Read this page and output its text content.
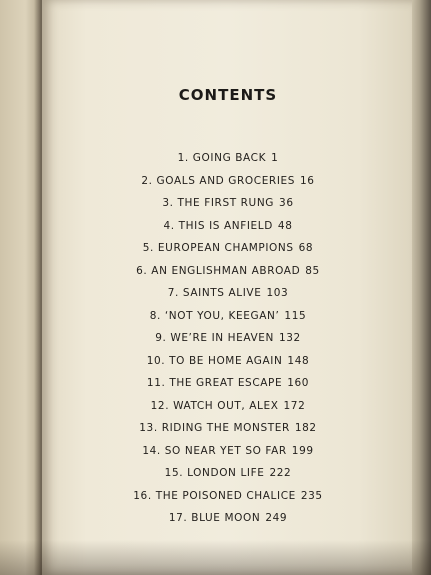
CONTENTS
1. GOING BACK 1
2. GOALS AND GROCERIES 16
3. THE FIRST RUNG 36
4. THIS IS ANFIELD 48
5. EUROPEAN CHAMPIONS 68
6. AN ENGLISHMAN ABROAD 85
7. SAINTS ALIVE 103
8. ‘NOT YOU, KEEGAN’ 115
9. WE’RE IN HEAVEN 132
10. TO BE HOME AGAIN 148
11. THE GREAT ESCAPE 160
12. WATCH OUT, ALEX 172
13. RIDING THE MONSTER 182
14. SO NEAR YET SO FAR 199
15. LONDON LIFE 222
16. THE POISONED CHALICE 235
17. BLUE MOON 249
